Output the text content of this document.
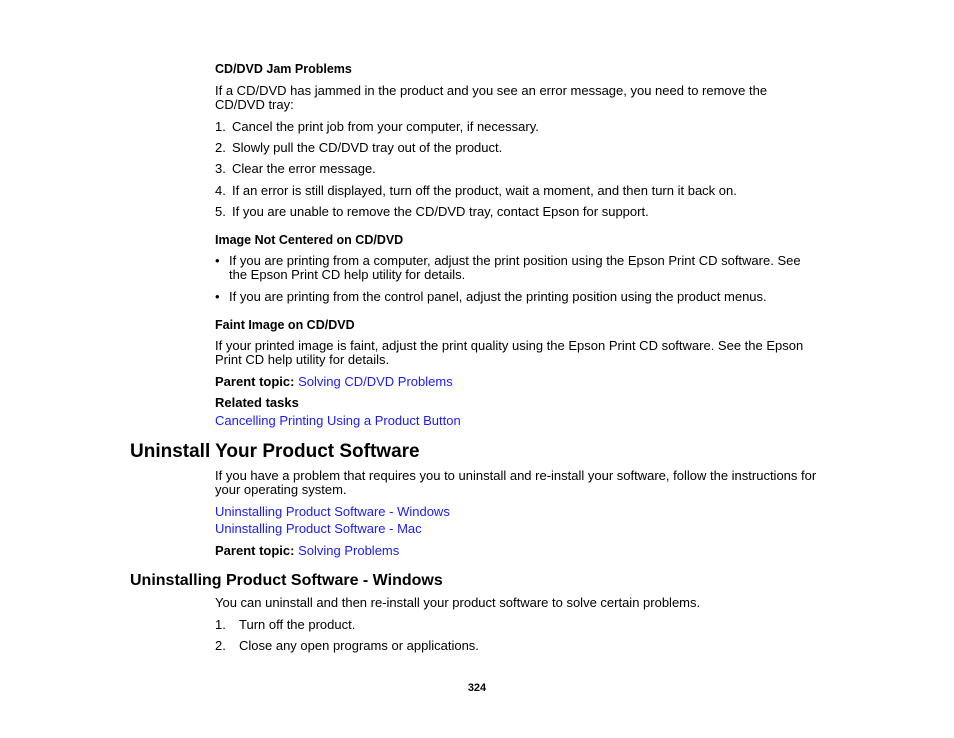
CD/DVD Jam Problems
If a CD/DVD has jammed in the product and you see an error message, you need to remove the
CD/DVD tray:
1. Cancel the print job from your computer, if necessary.
2. Slowly pull the CD/DVD tray out of the product.
3. Clear the error message.
4. If an error is still displayed, turn off the product, wait a moment, and then turn it back on.
5. If you are unable to remove the CD/DVD tray, contact Epson for support.
Image Not Centered on CD/DVD
• If you are printing from a computer, adjust the print position using the Epson Print CD software. See
the Epson Print CD help utility for details.
• If you are printing from the control panel, adjust the printing position using the product menus.
Faint Image on CD/DVD
If your printed image is faint, adjust the print quality using the Epson Print CD software. See the Epson
Print CD help utility for details.
Parent topic: Solving CD/DVD Problems
Related tasks
Cancelling Printing Using a Product Button
Uninstall Your Product Software
If you have a problem that requires you to uninstall and re-install your software, follow the instructions for
your operating system.
Uninstalling Product Software - Windows
Uninstalling Product Software - Mac
Parent topic: Solving Problems
Uninstalling Product Software - Windows
You can uninstall and then re-install your product software to solve certain problems.
1. Turn off the product.
2. Close any open programs or applications.
324
